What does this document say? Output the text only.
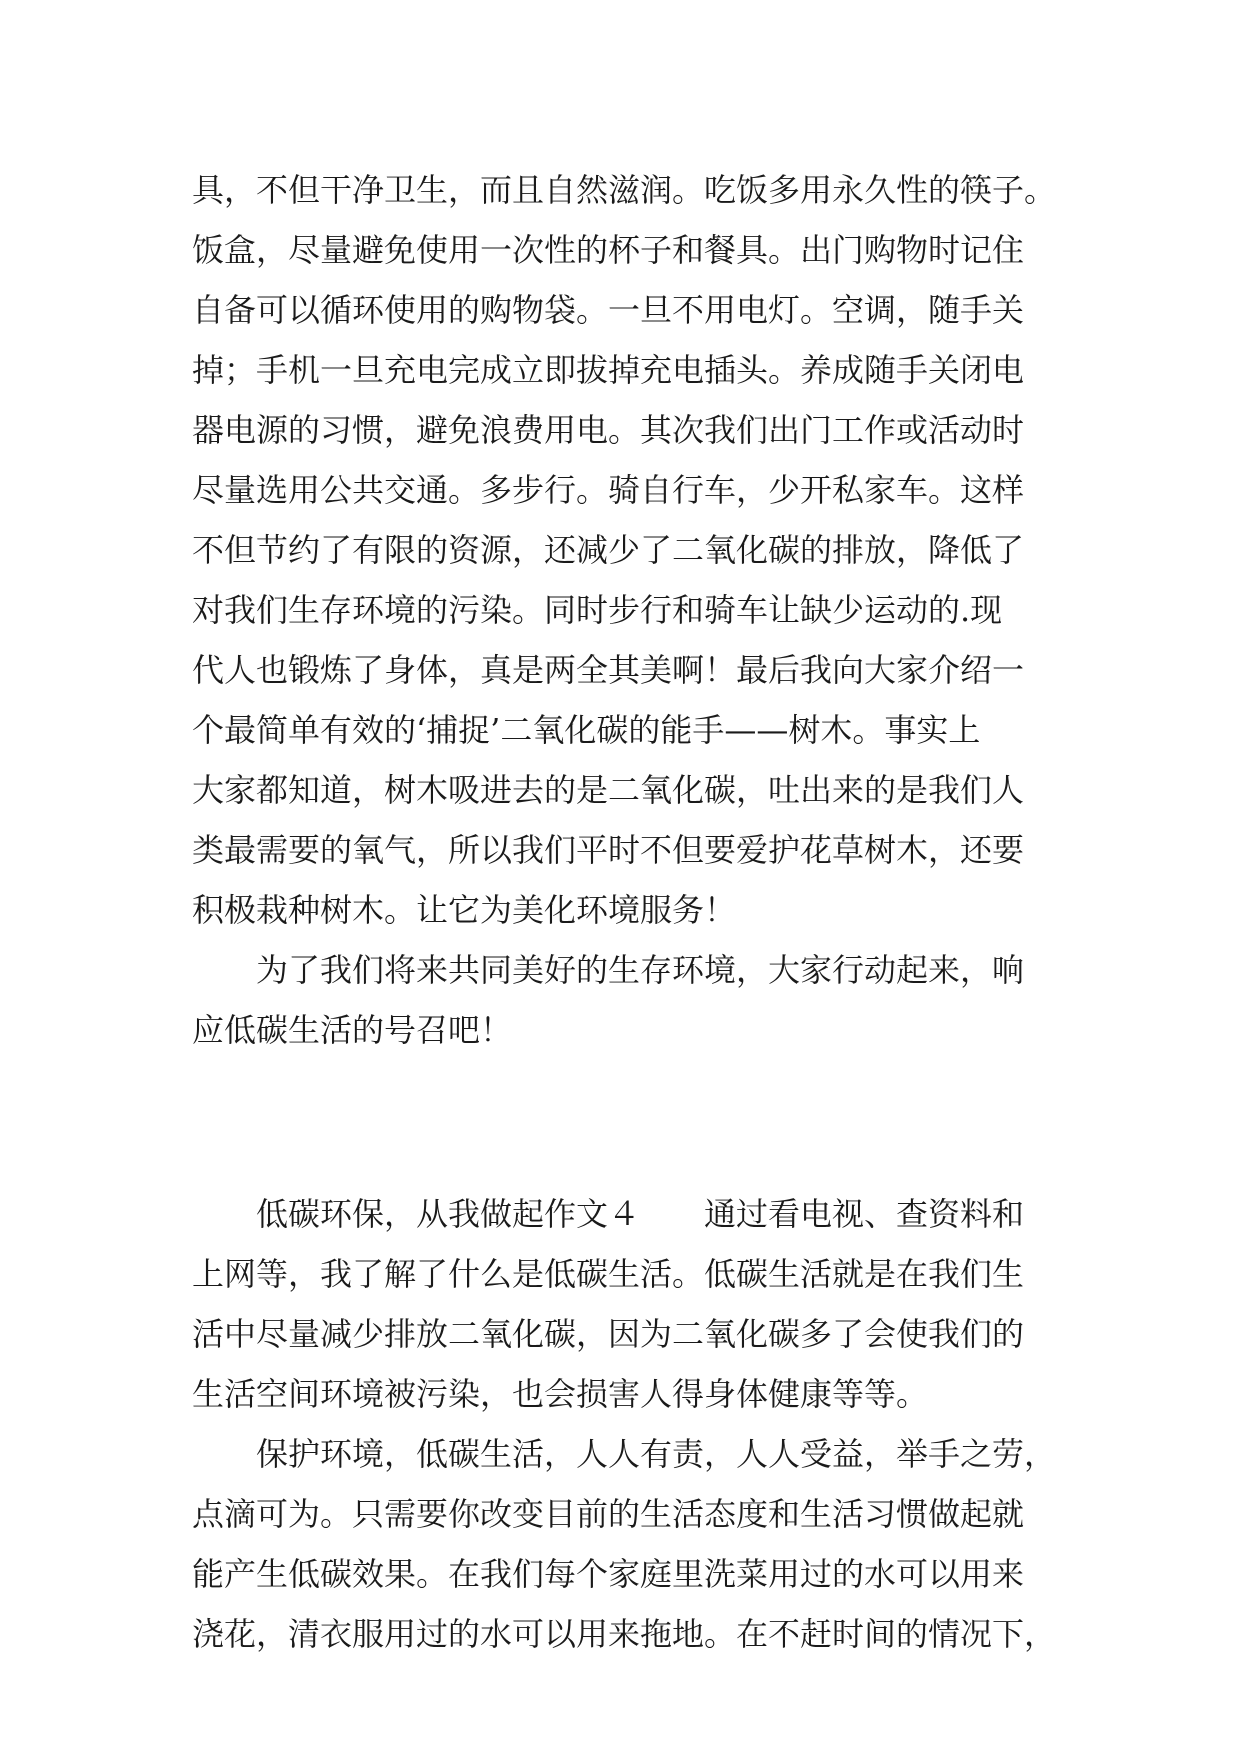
具，不但干净卫生，而且自然滋润。吃饭多用永久性的筷子。
饭盒，尽量避免使用一次性的杯子和餐具。出门购物时记住
自备可以循环使用的购物袋。一旦不用电灯。空调，随手关
掉；手机一旦充电完成立即拔掉充电插头。养成随手关闭电
器电源的习惯，避免浪费用电。其次我们出门工作或活动时
尽量选用公共交通。多步行。骑自行车，少开私家车。这样
不但节约了有限的资源，还减少了二氧化碳的排放，降低了
对我们生存环境的污染。同时步行和骑车让缺少运动的.现
代人也锻炼了身体，真是两全其美啊！最后我向大家介绍一
个最简单有效的‘捕捉’二氧化碳的能手——树木。事实上
大家都知道，树木吸进去的是二氧化碳，吐出来的是我们人
类最需要的氧气，所以我们平时不但要爱护花草树木，还要
积极栽种树木。让它为美化环境服务！
　　为了我们将来共同美好的生存环境，大家行动起来，响
应低碳生活的号召吧！
　　低碳环保，从我做起作文４　　通过看电视、查资料和
上网等，我了解了什么是低碳生活。低碳生活就是在我们生
活中尽量减少排放二氧化碳，因为二氧化碳多了会使我们的
生活空间环境被污染，也会损害人得身体健康等等。
　　保护环境，低碳生活，人人有责，人人受益，举手之劳，
点滴可为。只需要你改变目前的生活态度和生活习惯做起就
能产生低碳效果。在我们每个家庭里洗菜用过的水可以用来
浇花，清衣服用过的水可以用来拖地。在不赶时间的情况下，
